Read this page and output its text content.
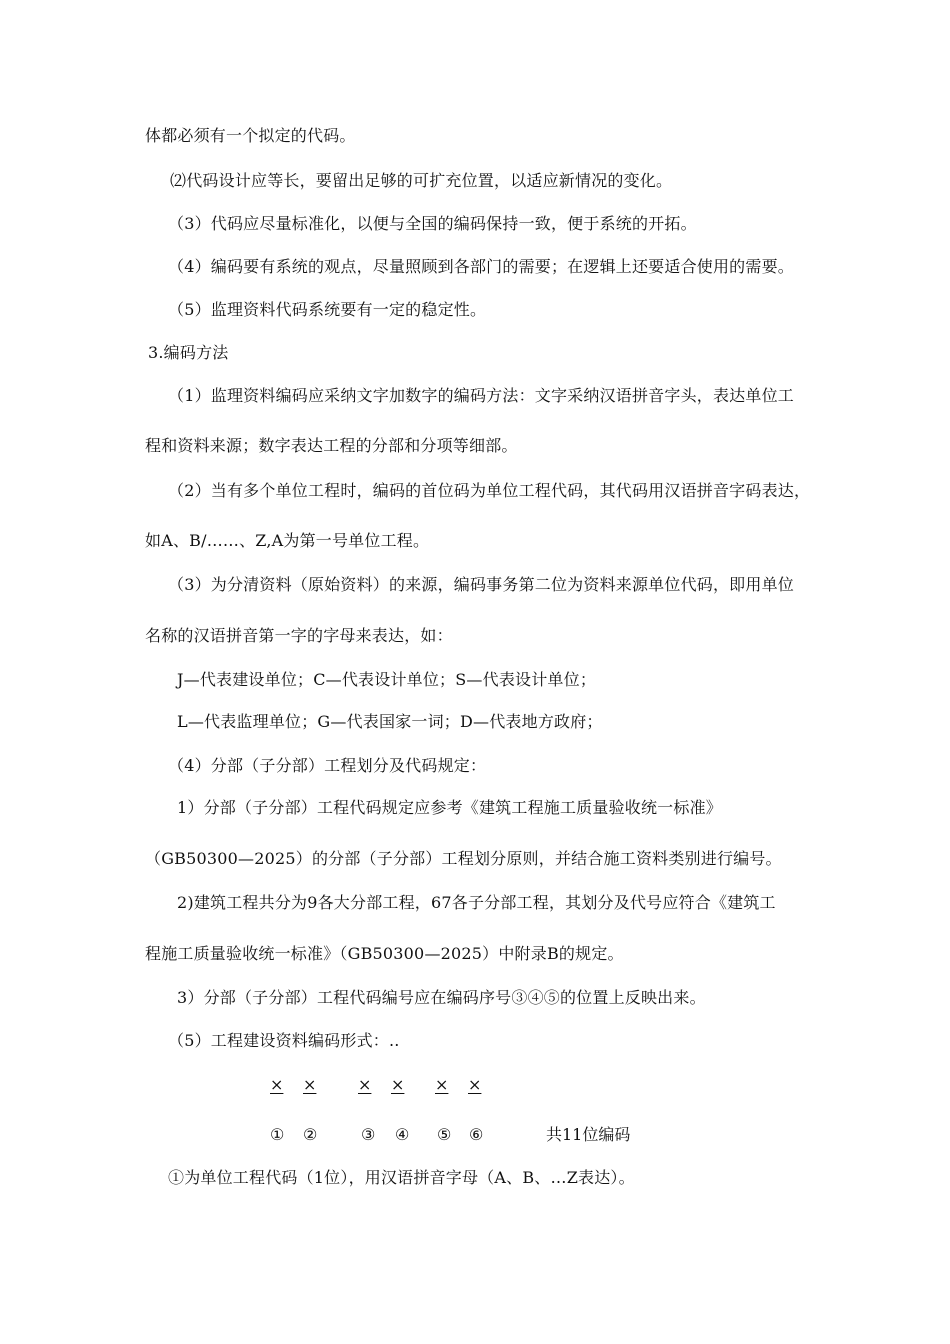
体都必须有一个拟定的代码。
⑵代码设计应等长，要留出足够的可扩充位置，以适应新情况的变化。
（3）代码应尽量标准化，以便与全国的编码保持一致，便于系统的开拓。
（4）编码要有系统的观点，尽量照顾到各部门的需要；在逻辑上还要适合使用的需要。
（5）监理资料代码系统要有一定的稳定性。
3.编码方法
（1）监理资料编码应采纳文字加数字的编码方法：文字采纳汉语拼音字头，表达单位工
程和资料来源；数字表达工程的分部和分项等细部。
（2）当有多个单位工程时，编码的首位码为单位工程代码，其代码用汉语拼音字码表达，
如A、B/……、Z,A为第一号单位工程。
（3）为分清资料（原始资料）的来源，编码事务第二位为资料来源单位代码，即用单位
名称的汉语拼音第一字的字母来表达，如：
J—代表建设单位；C—代表设计单位；S—代表设计单位；
L—代表监理单位；G—代表国家一词；D—代表地方政府；
（4）分部（子分部）工程划分及代码规定：
1）分部（子分部）工程代码规定应参考《建筑工程施工质量验收统一标准》
（GB50300—2025）的分部（子分部）工程划分原则，并结合施工资料类别进行编号。
2)建筑工程共分为9各大分部工程，67各子分部工程，其划分及代号应符合《建筑工
程施工质量验收统一标准》（GB50300—2025）中附录B的规定。
3）分部（子分部）工程代码编号应在编码序号③④⑤的位置上反映出来。
（5）工程建设资料编码形式：..
× ×	× × × ×
① ②	③ ④ ⑤ ⑥	共11位编码
①为单位工程代码（1位），用汉语拼音字母（A、B、…Z表达）。
